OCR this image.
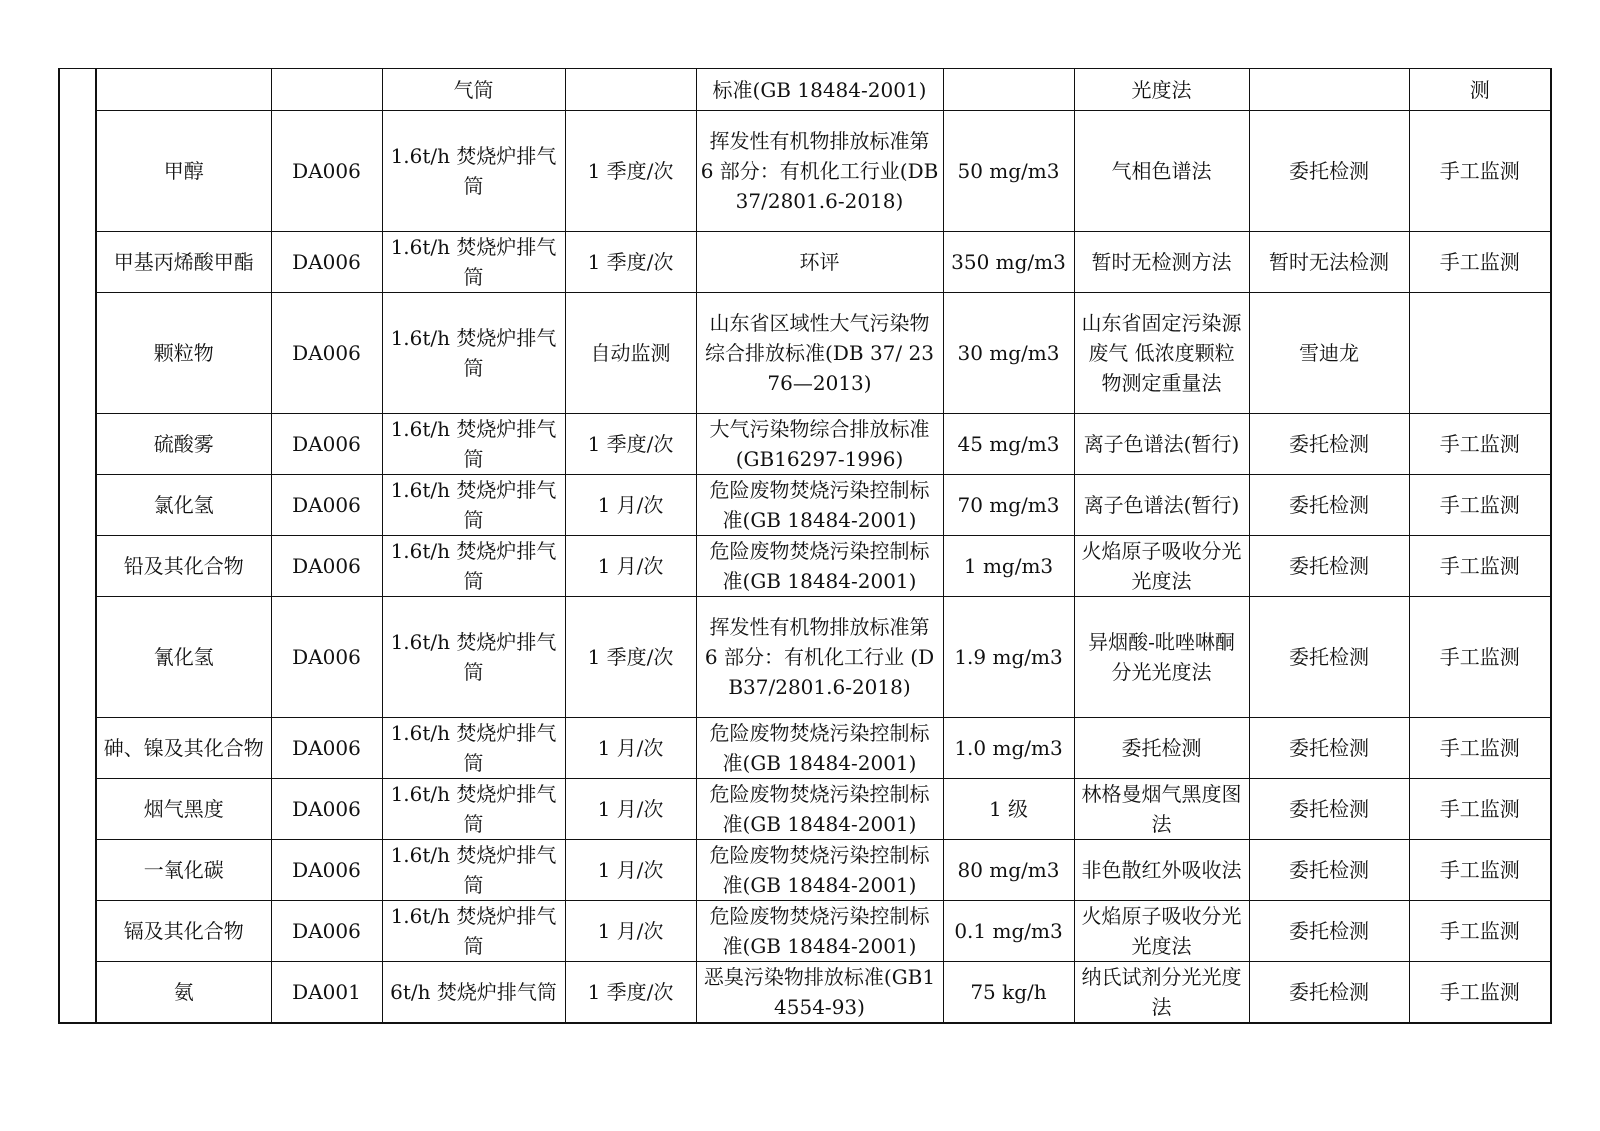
			气筒		标准(GB 18484-2001)		光度法		测
	甲醇	DA006	1.6t/h 焚烧炉排气筒	1 季度/次	挥发性有机物排放标准第 6 部分：有机化工行业(DB37/2801.6-2018)	50 mg/m3	气相色谱法	委托检测	手工监测
	甲基丙烯酸甲酯	DA006	1.6t/h 焚烧炉排气筒	1 季度/次	环评	350 mg/m3	暂时无检测方法	暂时无法检测	手工监测
	颗粒物	DA006	1.6t/h 焚烧炉排气筒	自动监测	山东省区域性大气污染物综合排放标准(DB 37/ 2376—2013)	30 mg/m3	山东省固定污染源废气 低浓度颗粒物测定重量法	雪迪龙	
	硫酸雾	DA006	1.6t/h 焚烧炉排气筒	1 季度/次	大气污染物综合排放标准(GB16297-1996)	45 mg/m3	离子色谱法(暂行)	委托检测	手工监测
	氯化氢	DA006	1.6t/h 焚烧炉排气筒	1 月/次	危险废物焚烧污染控制标准(GB 18484-2001)	70 mg/m3	离子色谱法(暂行)	委托检测	手工监测
	铅及其化合物	DA006	1.6t/h 焚烧炉排气筒	1 月/次	危险废物焚烧污染控制标准(GB 18484-2001)	1 mg/m3	火焰原子吸收分光光度法	委托检测	手工监测
	氰化氢	DA006	1.6t/h 焚烧炉排气筒	1 季度/次	挥发性有机物排放标准第 6 部分：有机化工行业 (DB37/2801.6-2018)	1.9 mg/m3	异烟酸-吡唑啉酮分光光度法	委托检测	手工监测
	砷、镍及其化合物	DA006	1.6t/h 焚烧炉排气筒	1 月/次	危险废物焚烧污染控制标准(GB 18484-2001)	1.0 mg/m3	委托检测	委托检测	手工监测
	烟气黑度	DA006	1.6t/h 焚烧炉排气筒	1 月/次	危险废物焚烧污染控制标准(GB 18484-2001)	1 级	林格曼烟气黑度图法	委托检测	手工监测
	一氧化碳	DA006	1.6t/h 焚烧炉排气筒	1 月/次	危险废物焚烧污染控制标准(GB 18484-2001)	80 mg/m3	非色散红外吸收法	委托检测	手工监测
	镉及其化合物	DA006	1.6t/h 焚烧炉排气筒	1 月/次	危险废物焚烧污染控制标准(GB 18484-2001)	0.1 mg/m3	火焰原子吸收分光光度法	委托检测	手工监测
	氨	DA001	6t/h 焚烧炉排气筒	1 季度/次	恶臭污染物排放标准(GB14554-93)	75 kg/h	纳氏试剂分光光度法	委托检测	手工监测
